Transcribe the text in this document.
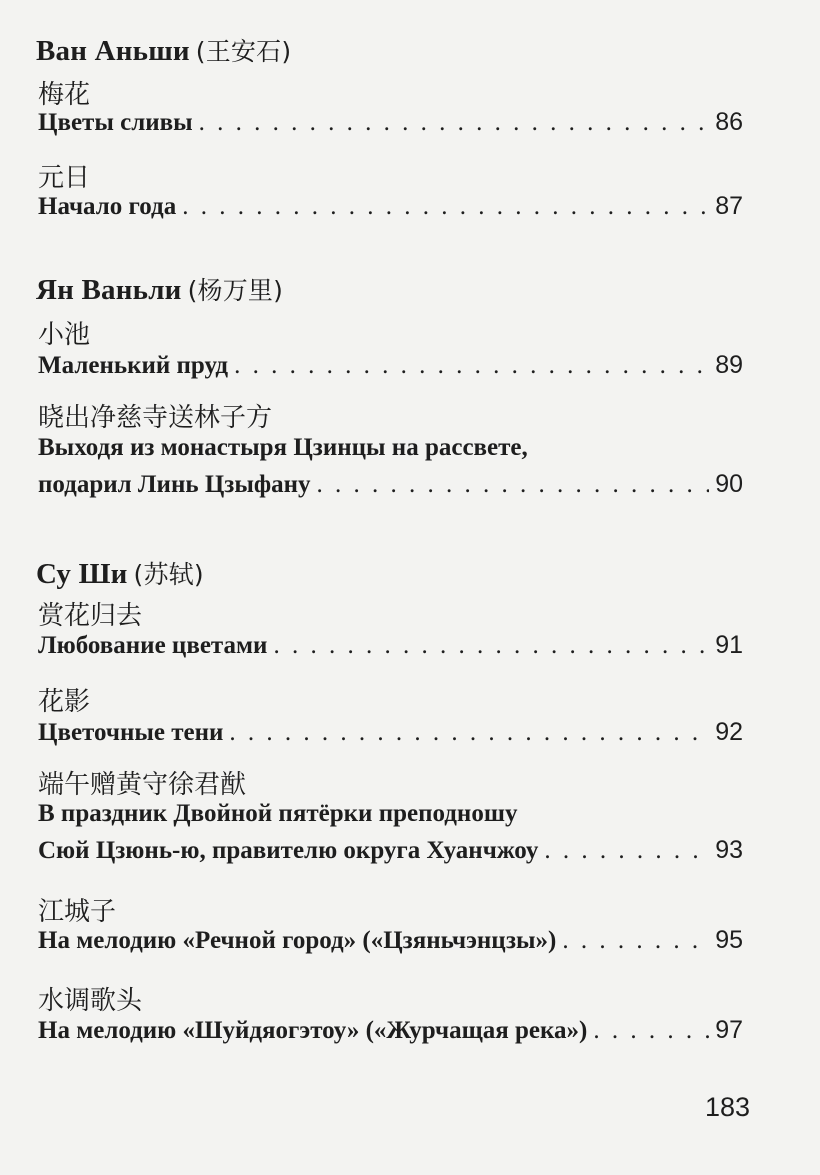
Ван Аньши (王安石)
梅花
Цветы сливы . . .	86
元日
Начало года . . .	87
Ян Ваньли (杨万里)
小池
Маленький пруд . . .	89
晓出净慈寺送林子方
Выходя из монастыря Цзинцы на рассвете,
подарил Линь Цзыфану . . .	90
Су Ши (苏轼)
赏花归去
Любование цветами . . .	91
花影
Цветочные тени . . .	92
端午赠黄守徐君猷
В праздник Двойной пятёрки преподношу
Сюй Цзюнь-ю, правителю округа Хуанчжоу . . .	93
江城子
На мелодию «Речной город» («Цзяньчэнцзы») . . .	95
水调歌头
На мелодию «Шуйдяогэтоу» («Журчащая река») . . .	97
183
